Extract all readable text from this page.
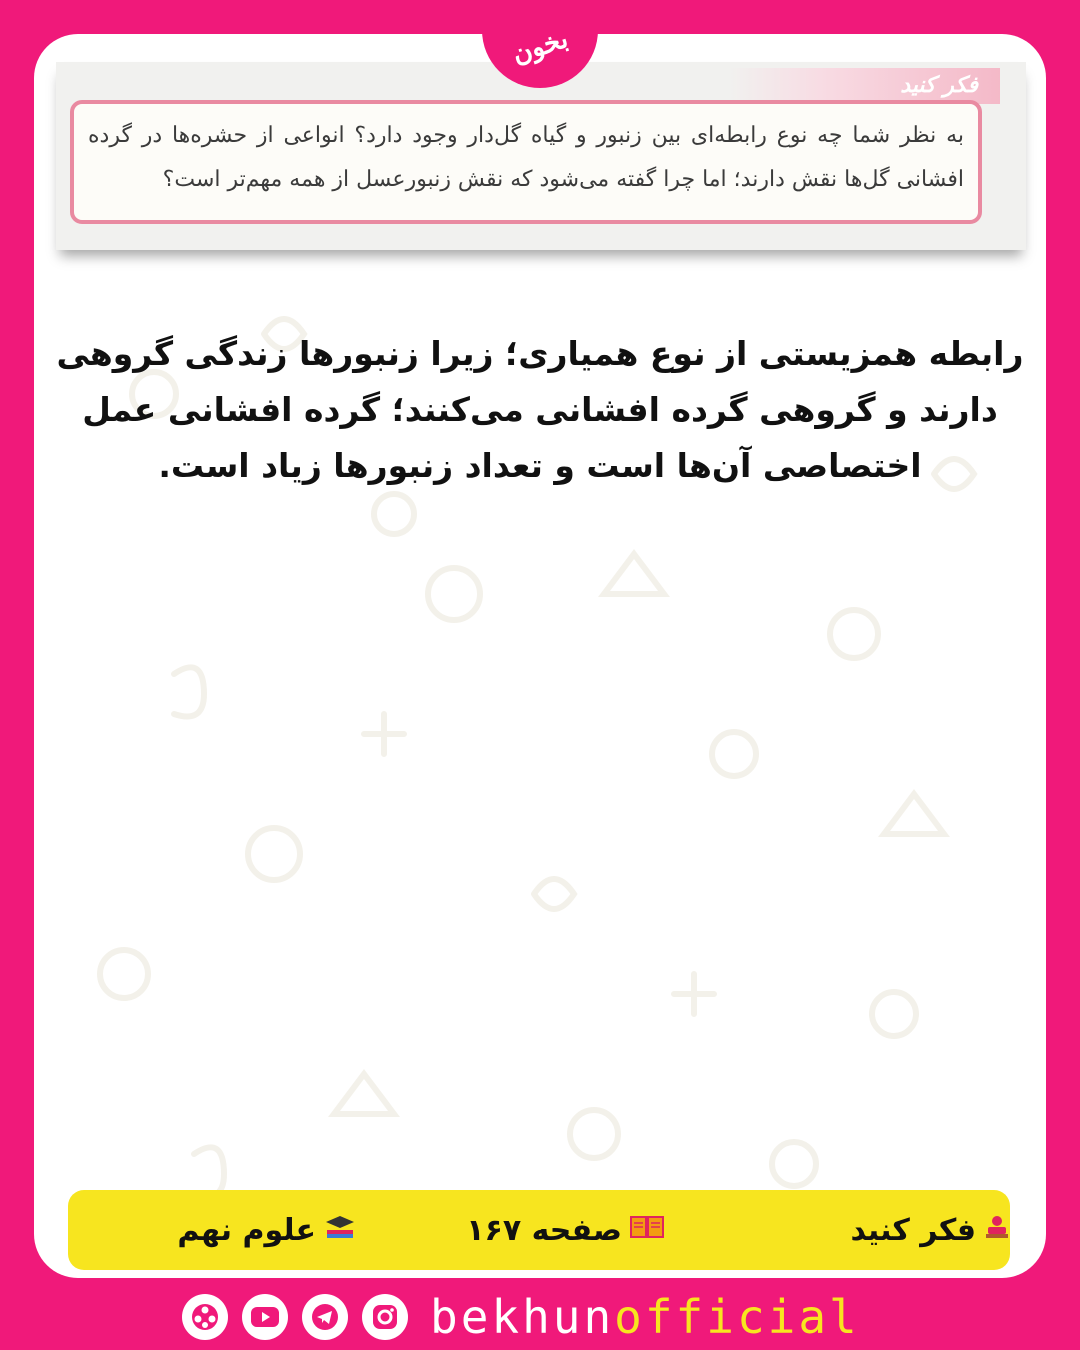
بخون
فکر کنید
به نظر شما چه نوع رابطه‌ای بین زنبور و گیاه گل‌دار وجود دارد؟ انواعی از حشره‌ها در گرده افشانی گل‌ها نقش دارند؛ اما چرا گفته می‌شود که نقش زنبور‌عسل از همه مهم‌تر است؟
رابطه همزیستی از نوع همیاری؛ زیرا زنبورها زندگی گروهی دارند و گروهی گرده افشانی می‌کنند؛ گرده افشانی عمل اختصاصی آن‌ها است و تعداد زنبورها زیاد است.
فکر کنید
صفحه ۱۶۷
علوم نهم
bekhunofficial
